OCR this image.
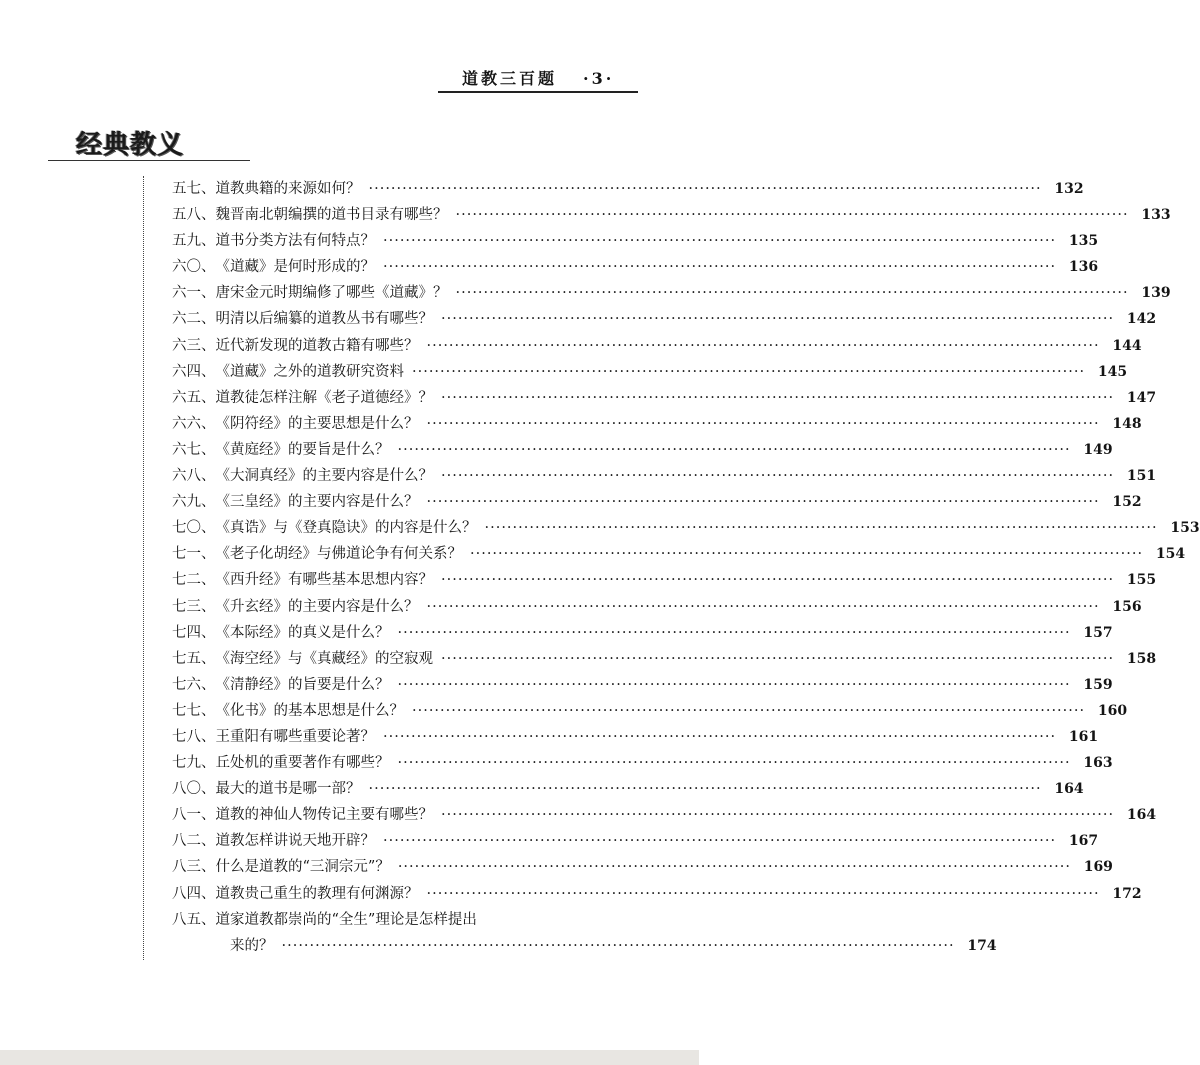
道教三百题 ·3·
经典教义
五七、 道教典籍的来源如何？ ························································································································ 132
五八、 魏晋南北朝编撰的道书目录有哪些？ ························································································································ 133
五九、 道书分类方法有何特点？ ························································································································ 135
六〇、 《道藏》是何时形成的？ ························································································································ 136
六一、 唐宋金元时期编修了哪些《道藏》？ ························································································································ 139
六二、 明清以后编纂的道教丛书有哪些？ ························································································································ 142
六三、 近代新发现的道教古籍有哪些？ ························································································································ 144
六四、 《道藏》之外的道教研究资料 ························································································································ 145
六五、 道教徒怎样注解《老子道德经》？ ························································································································ 147
六六、 《阴符经》的主要思想是什么？ ························································································································ 148
六七、 《黄庭经》的要旨是什么？ ························································································································ 149
六八、 《大洞真经》的主要内容是什么？ ························································································································ 151
六九、 《三皇经》的主要内容是什么？ ························································································································ 152
七〇、 《真诰》与《登真隐诀》的内容是什么？ ························································································································ 153
七一、 《老子化胡经》与佛道论争有何关系？ ························································································································ 154
七二、 《西升经》有哪些基本思想内容？ ························································································································ 155
七三、 《升玄经》的主要内容是什么？ ························································································································ 156
七四、 《本际经》的真义是什么？ ························································································································ 157
七五、 《海空经》与《真藏经》的空寂观 ························································································································ 158
七六、 《清静经》的旨要是什么？ ························································································································ 159
七七、 《化书》的基本思想是什么？ ························································································································ 160
七八、 王重阳有哪些重要论著？ ························································································································ 161
七九、 丘处机的重要著作有哪些？ ························································································································ 163
八〇、 最大的道书是哪一部？ ························································································································ 164
八一、 道教的神仙人物传记主要有哪些？ ························································································································ 164
八二、 道教怎样讲说天地开辟？ ························································································································ 167
八三、 什么是道教的“三洞宗元”？ ························································································································ 169
八四、 道教贵己重生的教理有何渊源？ ························································································································ 172
八五、道家道教都崇尚的“全生”理论是怎样提出
来的？ ························································································································ 174
